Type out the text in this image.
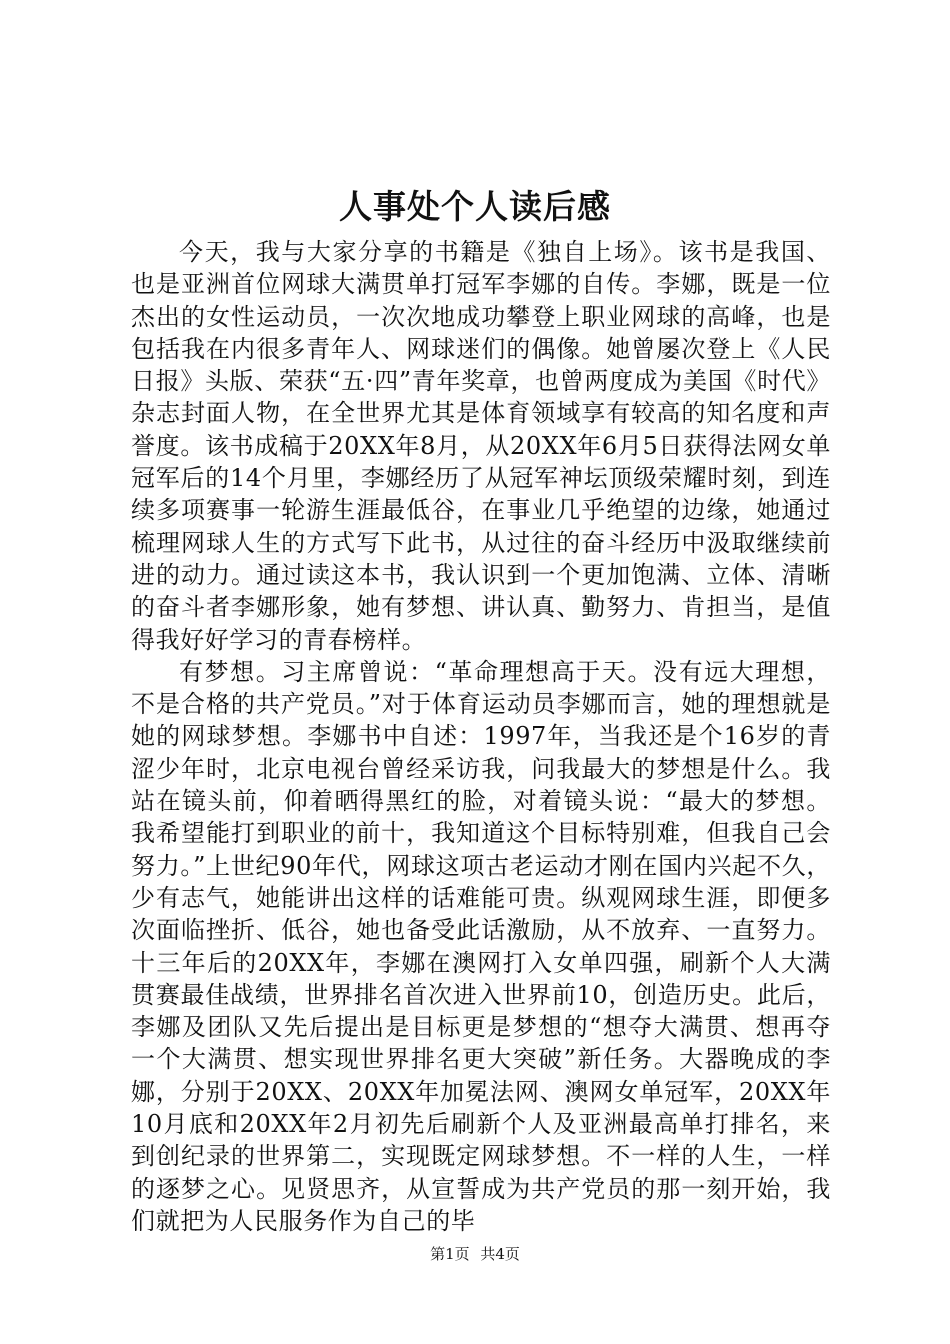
人事处个人读后感

今天，我与大家分享的书籍是《独自上场》。该书是我国、也是亚洲首位网球大满贯单打冠军李娜的自传。李娜，既是一位杰出的女性运动员，一次次地成功攀登上职业网球的高峰，也是包括我在内很多青年人、网球迷们的偶像。她曾屡次登上《人民日报》头版、荣获“五·四”青年奖章，也曾两度成为美国《时代》杂志封面人物，在全世界尤其是体育领域享有较高的知名度和声誉度。该书成稿于20XX年8月，从20XX年6月5日获得法网女单冠军后的14个月里，李娜经历了从冠军神坛顶级荣耀时刻，到连续多项赛事一轮游生涯最低谷，在事业几乎绝望的边缘，她通过梳理网球人生的方式写下此书，从过往的奋斗经历中汲取继续前进的动力。通过读这本书，我认识到一个更加饱满、立体、清晰的奋斗者李娜形象，她有梦想、讲认真、勤努力、肯担当，是值得我好好学习的青春榜样。

有梦想。习主席曾说：“革命理想高于天。没有远大理想，不是合格的共产党员。”对于体育运动员李娜而言，她的理想就是她的网球梦想。李娜书中自述：1997年，当我还是个16岁的青涩少年时，北京电视台曾经采访我，问我最大的梦想是什么。我站在镜头前，仰着晒得黑红的脸，对着镜头说：“最大的梦想。我希望能打到职业的前十，我知道这个目标特别难，但我自己会努力。”上世纪90年代，网球这项古老运动才刚在国内兴起不久，少有志气，她能讲出这样的话难能可贵。纵观网球生涯，即便多次面临挫折、低谷，她也备受此话激励，从不放弃、一直努力。十三年后的20XX年，李娜在澳网打入女单四强，刷新个人大满贯赛最佳战绩，世界排名首次进入世界前10，创造历史。此后，李娜及团队又先后提出是目标更是梦想的“想夺大满贯、想再夺一个大满贯、想实现世界排名更大突破”新任务。大器晚成的李娜，分别于20XX、20XX年加冕法网、澳网女单冠军，20XX年10月底和20XX年2月初先后刷新个人及亚洲最高单打排名，来到创纪录的世界第二，实现既定网球梦想。不一样的人生，一样的逐梦之心。见贤思齐，从宣誓成为共产党员的那一刻开始，我们就把为人民服务作为自己的毕

第1页 共4页
